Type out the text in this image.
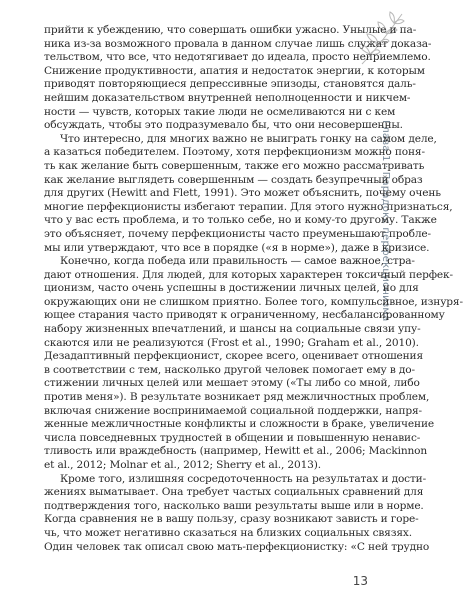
Глава 1 · Парадокс перфекционизма
прийти к убеждению, что совершать ошибки ужасно. Унылые и па-
ника из-за возможного провала в данном случае лишь служат доказа-
тельством, что все, что недотягивает до идеала, просто неприемлемо.
Снижение продуктивности, апатия и недостаток энергии, к которым
приводят повторяющиеся депрессивные эпизоды, становятся даль-
нейшим доказательством внутренней неполноценности и никчем-
ности — чувств, которых такие люди не осмеливаются ни с кем
обсуждать, чтобы это подразумевало бы, что они несовершенны.
Что интересно, для многих важно не выиграть гонку на самом деле,
а казаться победителем. Поэтому, хотя перфекционизм можно поня-
ть как желание быть совершенным, также его можно рассматривать
как желание выглядеть совершенным — создать безупречный образ
для других (Hewitt and Flett, 1991). Это может объяснить, почему очень
многие перфекционисты избегают терапии. Для этого нужно признаться,
что у вас есть проблема, и то только себе, но и кому-то другому. Также
это объясняет, почему перфекционисты часто преуменьшают пробле-
мы или утверждают, что все в порядке («я в норме»), даже в кризисе.
Конечно, когда победа или правильность — самое важное, стра-
дают отношения. Для людей, для которых характерен токсичный перфек-
ционизм, часто очень успешны в достижении личных целей, но для
окружающих они не слишком приятно. Более того, компульсивное, изнуря-
ющее старания часто приводят к ограниченному, несбалансированному
набору жизненных впечатлений, и шансы на социальные связи упу-
скаются или не реализуются (Frost et al., 1990; Graham et al., 2010).
Дезадаптивный перфекционист, скорее всего, оценивает отношения
в соответствии с тем, насколько другой человек помогает ему в до-
стижении личных целей или мешает этому («Ты либо со мной, либо
против меня»). В результате возникает ряд межличностных проблем,
включая снижение воспринимаемой социальной поддержки, напря-
женные межличностные конфликты и сложности в браке, увеличение
числа повседневных трудностей в общении и повышенную ненавис-
тливость или враждебность (например, Hewitt et al., 2006; Mackinnon
et al., 2012; Molnar et al., 2012; Sherry et al., 2013).
Кроме того, излишняя сосредоточенность на результатах и дости-
жениях выматывает. Она требует частых социальных сравнений для
подтверждения того, насколько ваши результаты выше или в норме.
Когда сравнения не в вашу пользу, сразу возникают зависть и горе-
чь, что может негативно сказаться на близких социальных связях.
Один человек так описал свою мать-перфекционистку: «С ней трудно
13
